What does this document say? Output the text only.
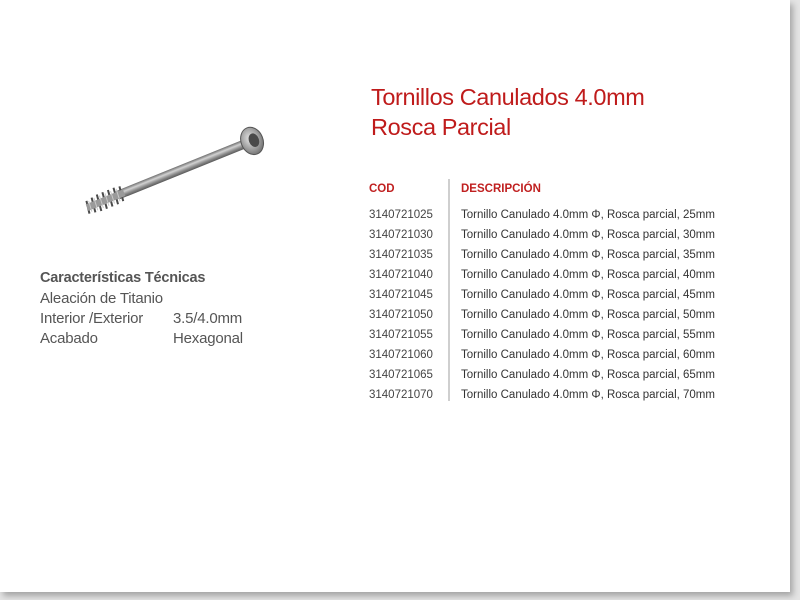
Características Técnicas
Aleación de Titanio
Interior /Exterior	3.5/4.0mm
Acabado	Hexagonal
Tornillos Canulados 4.0mm
Rosca Parcial
COD	DESCRIPCIÓN
3140721025	Tornillo Canulado 4.0mm Φ, Rosca parcial, 25mm
3140721030	Tornillo Canulado 4.0mm Φ, Rosca parcial, 30mm
3140721035	Tornillo Canulado 4.0mm Φ, Rosca parcial, 35mm
3140721040	Tornillo Canulado 4.0mm Φ, Rosca parcial, 40mm
3140721045	Tornillo Canulado 4.0mm Φ, Rosca parcial, 45mm
3140721050	Tornillo Canulado 4.0mm Φ, Rosca parcial, 50mm
3140721055	Tornillo Canulado 4.0mm Φ, Rosca parcial, 55mm
3140721060	Tornillo Canulado 4.0mm Φ, Rosca parcial, 60mm
3140721065	Tornillo Canulado 4.0mm Φ, Rosca parcial, 65mm
3140721070	Tornillo Canulado 4.0mm Φ, Rosca parcial, 70mm
